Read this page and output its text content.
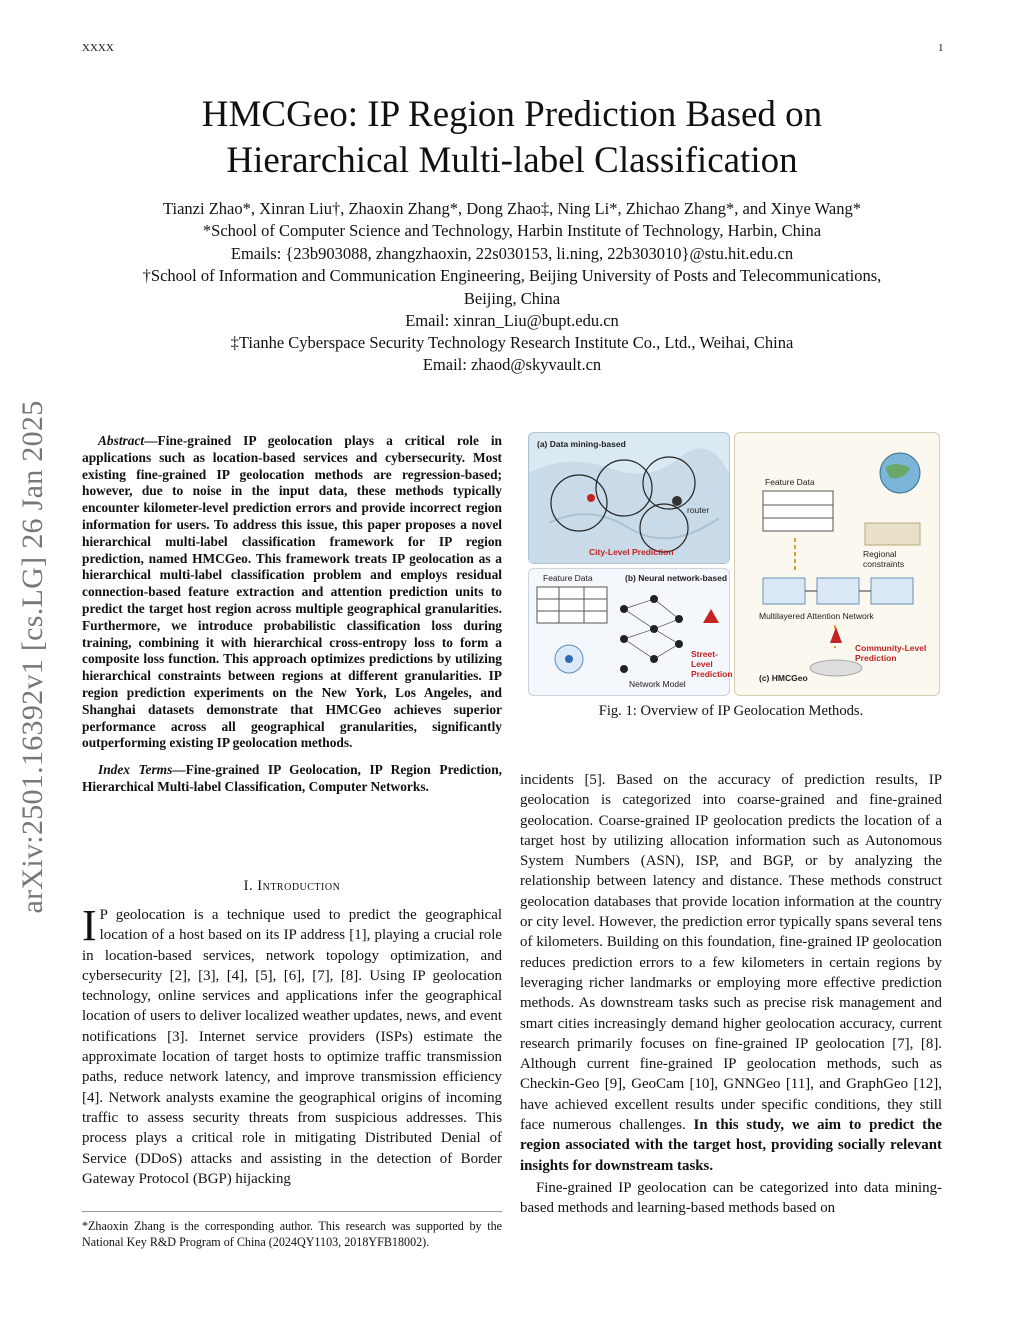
XXXX	1
HMCGeo: IP Region Prediction Based on
Hierarchical Multi-label Classification
Tianzi Zhao*, Xinran Liu†, Zhaoxin Zhang*, Dong Zhao‡, Ning Li*, Zhichao Zhang*, and Xinye Wang*
*School of Computer Science and Technology, Harbin Institute of Technology, Harbin, China
Emails: {23b903088, zhangzhaoxin, 22s030153, li.ning, 22b303010}@stu.hit.edu.cn
†School of Information and Communication Engineering, Beijing University of Posts and Telecommunications,
Beijing, China
Email: xinran_Liu@bupt.edu.cn
‡Tianhe Cyberspace Security Technology Research Institute Co., Ltd., Weihai, China
Email: zhaod@skyvault.cn
arXiv:2501.16392v1 [cs.LG] 26 Jan 2025	Abstract—Fine-grained IP geolocation plays a critical role in applications such as location-based services and cybersecurity. Most existing fine-grained IP geolocation methods are regression-based; however, due to noise in the input data, these methods typically encounter kilometer-level prediction errors and provide incorrect region information for users. To address this issue, this paper proposes a novel hierarchical multi-label classification framework for IP region prediction, named HMCGeo. This framework treats IP geolocation as a hierarchical multi-label classification problem and employs residual connection-based feature extraction and attention prediction units to predict the target host region across multiple geographical granularities. Furthermore, we introduce probabilistic classification loss during training, combining it with hierarchical cross-entropy loss to form a composite loss function. This approach optimizes predictions by utilizing hierarchical constraints between regions at different granularities. IP region prediction experiments on the New York, Los Angeles, and Shanghai datasets demonstrate that HMCGeo achieves superior performance across all geographical granularities, significantly outperforming existing IP geolocation methods.

Index Terms—Fine-grained IP Geolocation, IP Region Prediction, Hierarchical Multi-label Classification, Computer Networks.

I. Introduction

I P geolocation is a technique used to predict the geographical location of a host based on its IP address [1], playing a crucial role in location-based services, network topology optimization, and cybersecurity [2], [3], [4], [5], [6], [7], [8]. Using IP geolocation technology, online services and applications infer the geographical location of users to deliver localized weather updates, news, and event notifications [3]. Internet service providers (ISPs) estimate the approximate location of target hosts to optimize traffic transmission paths, reduce network latency, and improve transmission efficiency [4]. Network analysts examine the geographical origins of incoming traffic to assess security threats from suspicious addresses. This process plays a critical role in mitigating Distributed Denial of Service (DDoS) attacks and assisting in the detection of Border Gateway Protocol (BGP) hijacking

*Zhaoxin Zhang is the corresponding author. This research was supported by the National Key R&D Program of China (2024QY1103, 2018YFB18002).
(a) Data mining-based
City-Level Prediction
router
(b) Neural network-based
Feature Data
Network Model
Street-Level Prediction
Feature Data
Regional constraints
Multilayered Attention Network
Community-Level Prediction
(c) HMCGeo
Fig. 1: Overview of IP Geolocation Methods.

incidents [5]. Based on the accuracy of prediction results, IP geolocation is categorized into coarse-grained and fine-grained geolocation. Coarse-grained IP geolocation predicts the location of a target host by utilizing allocation information such as Autonomous System Numbers (ASN), ISP, and BGP, or by analyzing the relationship between latency and distance. These methods construct geolocation databases that provide location information at the country or city level. However, the prediction error typically spans several tens of kilometers. Building on this foundation, fine-grained IP geolocation reduces prediction errors to a few kilometers in certain regions by leveraging richer landmarks or employing more effective prediction methods. As downstream tasks such as precise risk management and smart cities increasingly demand higher geolocation accuracy, current research primarily focuses on fine-grained IP geolocation [7], [8]. Although current fine-grained IP geolocation methods, such as Checkin-Geo [9], GeoCam [10], GNNGeo [11], and GraphGeo [12], have achieved excellent results under specific conditions, they still face numerous challenges. In this study, we aim to predict the region associated with the target host, providing socially relevant insights for downstream tasks.

Fine-grained IP geolocation can be categorized into data mining-based methods and learning-based methods based on
